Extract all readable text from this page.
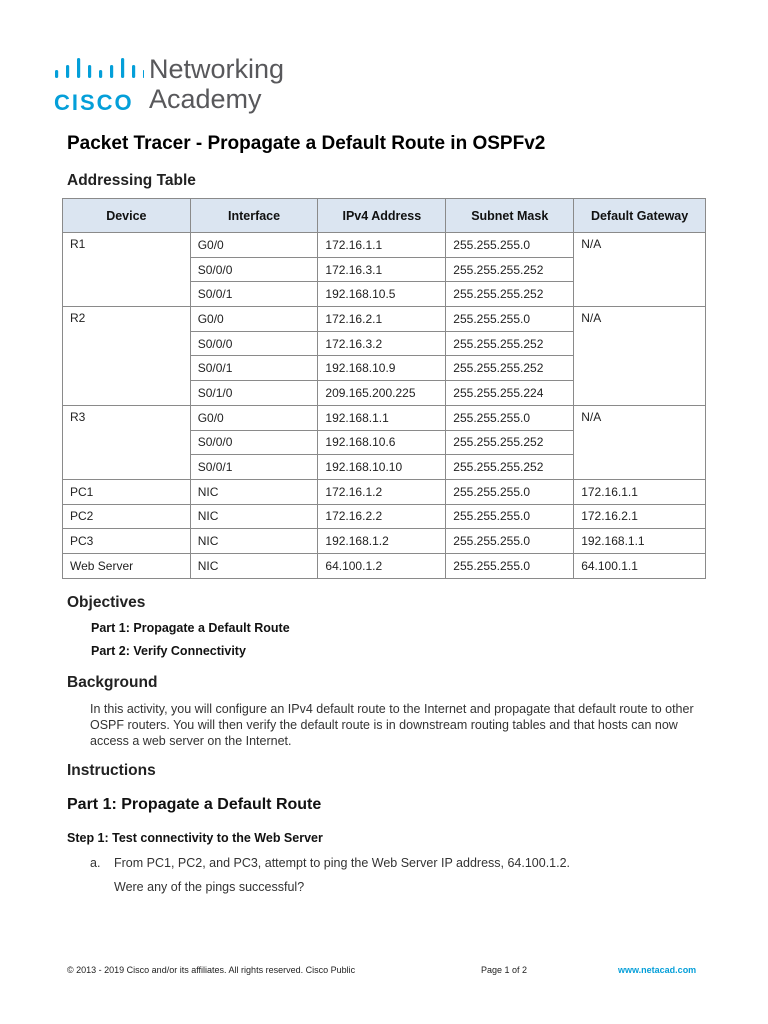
CISCO
Networking
Academy
Packet Tracer - Propagate a Default Route in OSPFv2
Addressing Table
Device	Interface	IPv4 Address	Subnet Mask	Default Gateway
R1	G0/0	172.16.1.1	255.255.255.0	N/A
	S0/0/0	172.16.3.1	255.255.255.252	
	S0/0/1	192.168.10.5	255.255.255.252	
R2	G0/0	172.16.2.1	255.255.255.0	N/A
	S0/0/0	172.16.3.2	255.255.255.252	
	S0/0/1	192.168.10.9	255.255.255.252	
	S0/1/0	209.165.200.225	255.255.255.224	
R3	G0/0	192.168.1.1	255.255.255.0	N/A
	S0/0/0	192.168.10.6	255.255.255.252	
	S0/0/1	192.168.10.10	255.255.255.252	
PC1	NIC	172.16.1.2	255.255.255.0	172.16.1.1
PC2	NIC	172.16.2.2	255.255.255.0	172.16.2.1
PC3	NIC	192.168.1.2	255.255.255.0	192.168.1.1
Web Server	NIC	64.100.1.2	255.255.255.0	64.100.1.1
Objectives
Part 1: Propagate a Default Route
Part 2: Verify Connectivity
Background
In this activity, you will configure an IPv4 default route to the Internet and propagate that default route to other
OSPF routers. You will then verify the default route is in downstream routing tables and that hosts can now
access a web server on the Internet.
Instructions
Part 1: Propagate a Default Route
Step 1: Test connectivity to the Web Server
a. From PC1, PC2, and PC3, attempt to ping the Web Server IP address, 64.100.1.2.
Were any of the pings successful?
© 2013 - 2019 Cisco and/or its affiliates. All rights reserved. Cisco Public	Page 1 of 2	www.netacad.com
